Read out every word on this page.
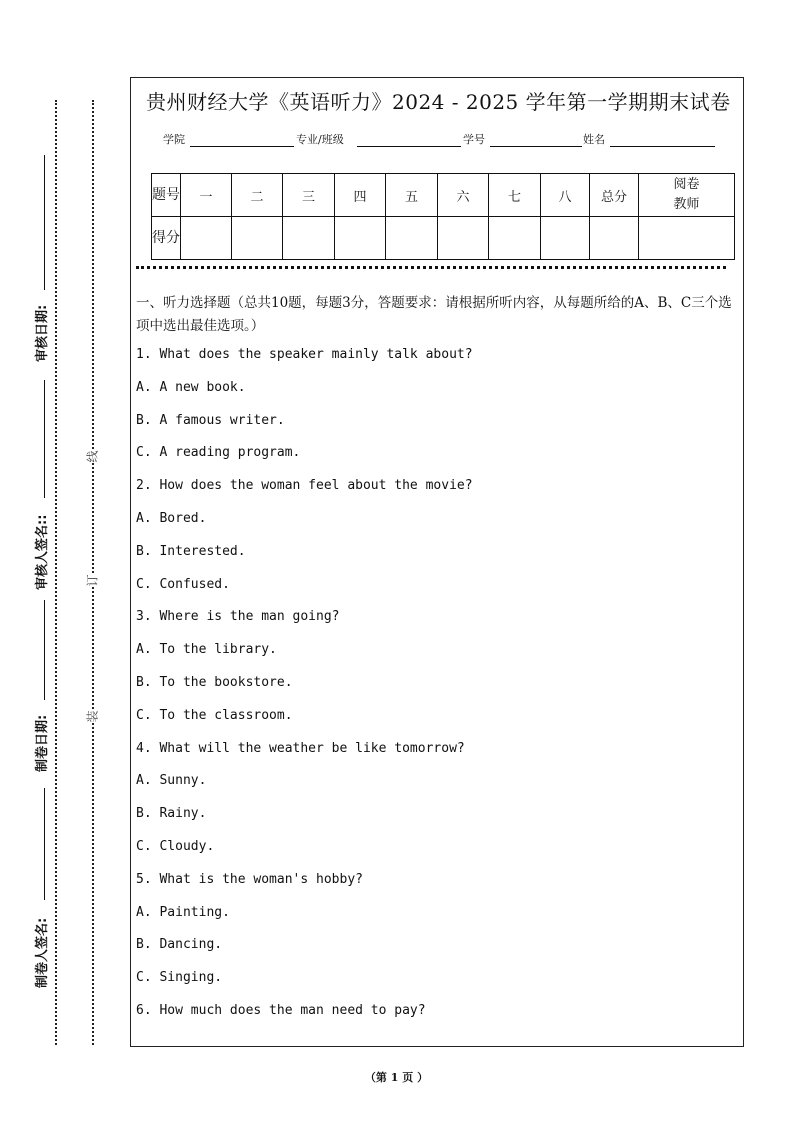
线
订
装
审核日期:
审核人签名::
制卷日期:
制卷人签名:
贵州财经大学《英语听力》2024 - 2025 学年第一学期期末试卷
学院	专业/班级	学号	姓名
题号	一	二	三	四	五	六	七	八	总分	阅卷
教师
得分										
一、听力选择题（总共10题，每题3分，答题要求：请根据所听内容，从每题所给的A、B、C三个选项中选出最佳选项。）
1. What does the speaker mainly talk about?
A. A new book.
B. A famous writer.
C. A reading program.
2. How does the woman feel about the movie?
A. Bored.
B. Interested.
C. Confused.
3. Where is the man going?
A. To the library.
B. To the bookstore.
C. To the classroom.
4. What will the weather be like tomorrow?
A. Sunny.
B. Rainy.
C. Cloudy.
5. What is the woman's hobby?
A. Painting.
B. Dancing.
C. Singing.
6. How much does the man need to pay?
（第 1 页 ）
